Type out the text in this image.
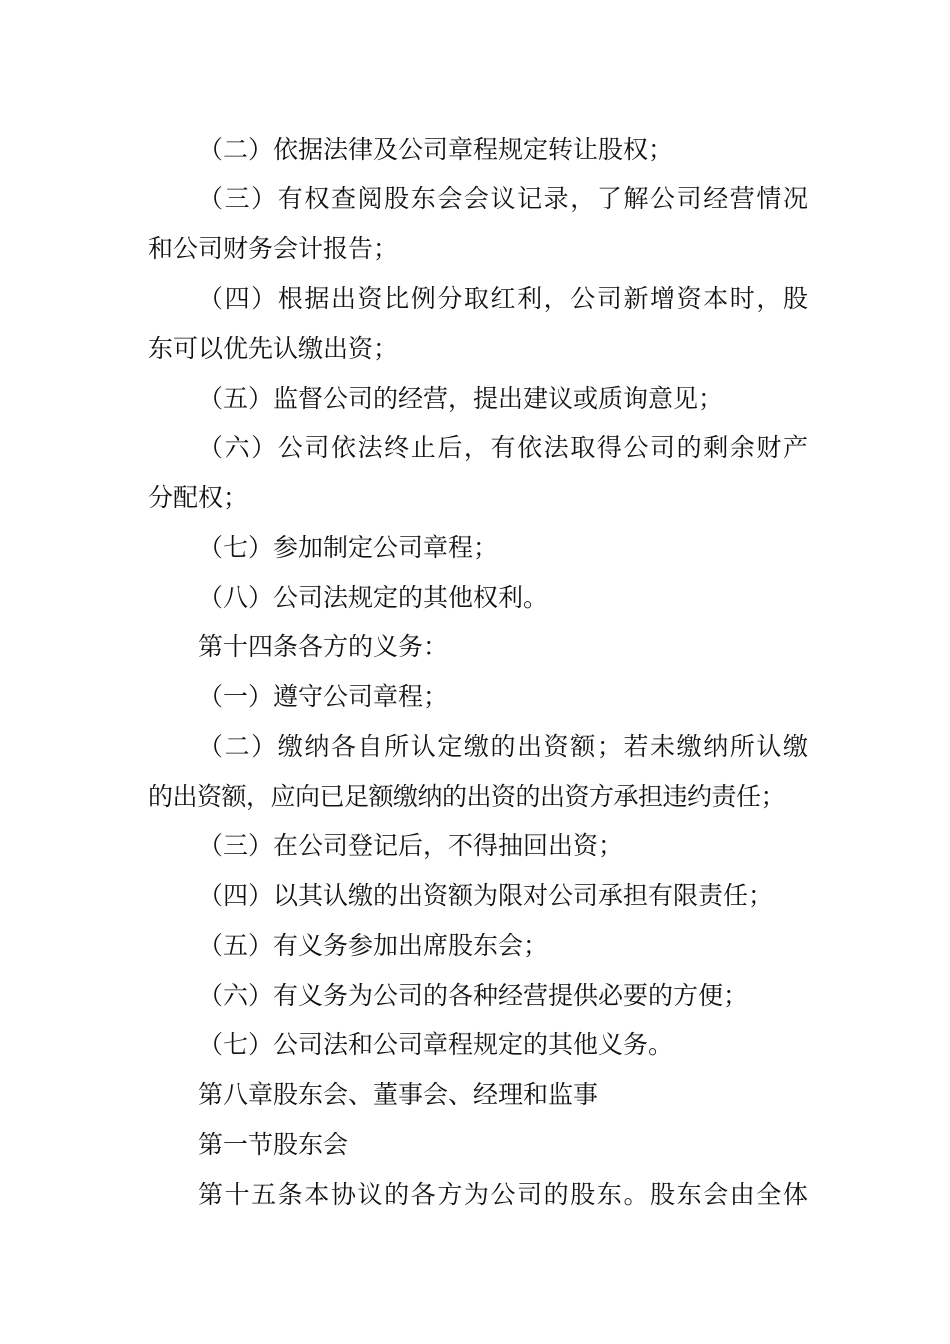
（二）依据法律及公司章程规定转让股权；
（三）有权查阅股东会会议记录，了解公司经营情况
和公司财务会计报告；
（四）根据出资比例分取红利，公司新增资本时，股
东可以优先认缴出资；
（五）监督公司的经营，提出建议或质询意见；
（六）公司依法终止后，有依法取得公司的剩余财产
分配权；
（七）参加制定公司章程；
（八）公司法规定的其他权利。
第十四条各方的义务：
（一）遵守公司章程；
（二）缴纳各自所认定缴的出资额；若未缴纳所认缴
的出资额，应向已足额缴纳的出资的出资方承担违约责任；
（三）在公司登记后，不得抽回出资；
（四）以其认缴的出资额为限对公司承担有限责任；
（五）有义务参加出席股东会；
（六）有义务为公司的各种经营提供必要的方便；
（七）公司法和公司章程规定的其他义务。
第八章股东会、董事会、经理和监事
第一节股东会
第十五条本协议的各方为公司的股东。股东会由全体
